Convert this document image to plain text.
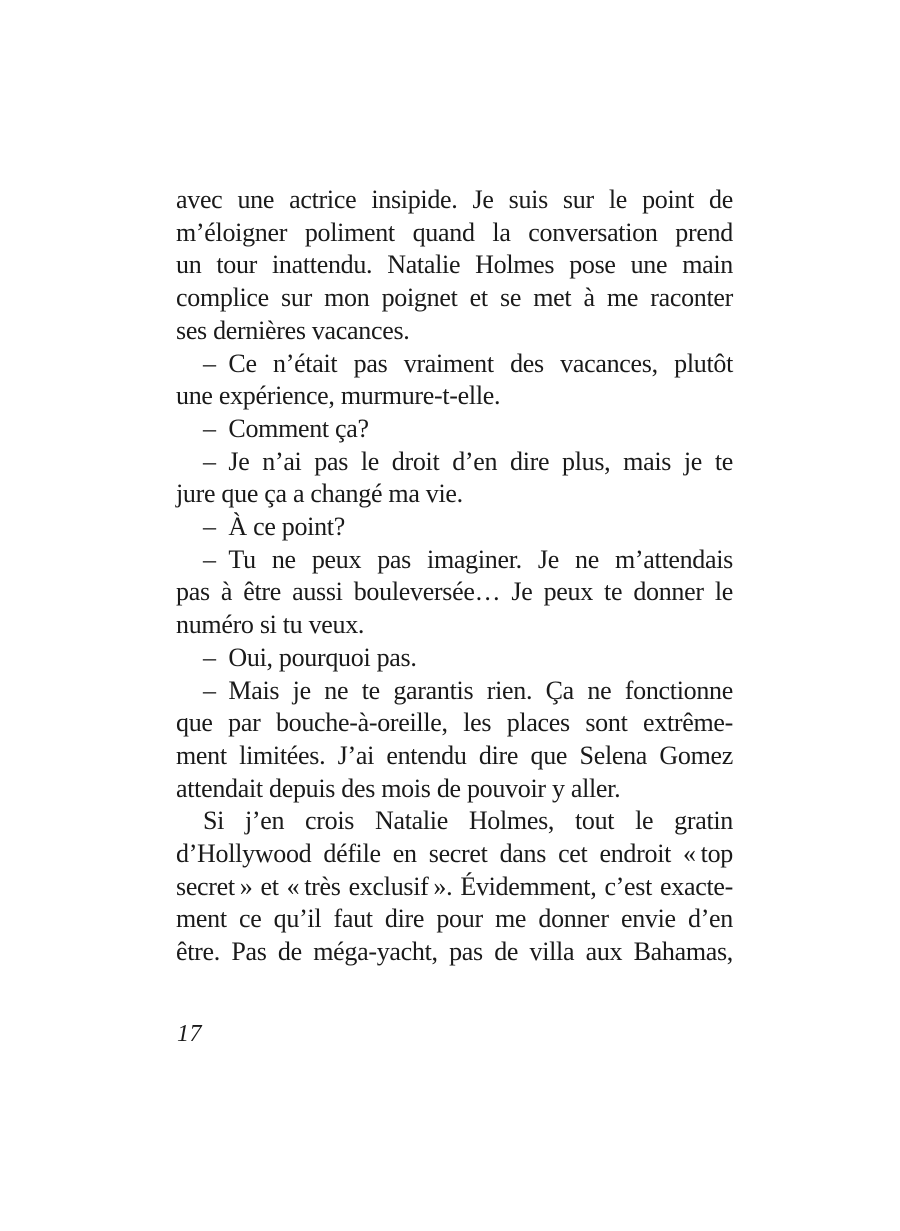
avec une actrice insipide. Je suis sur le point de
m’éloigner poliment quand la conversation prend
un tour inattendu. Natalie Holmes pose une main
complice sur mon poignet et se met à me raconter
ses dernières vacances.
– Ce n’était pas vraiment des vacances, plutôt
une expérience, murmure-t-elle.
– Comment ça?
– Je n’ai pas le droit d’en dire plus, mais je te
jure que ça a changé ma vie.
– À ce point?
– Tu ne peux pas imaginer. Je ne m’attendais
pas à être aussi bouleversée… Je peux te donner le
numéro si tu veux.
– Oui, pourquoi pas.
– Mais je ne te garantis rien. Ça ne fonctionne
que par bouche-à-oreille, les places sont extrême-
ment limitées. J’ai entendu dire que Selena Gomez
attendait depuis des mois de pouvoir y aller.
Si j’en crois Natalie Holmes, tout le gratin
d’Hollywood défile en secret dans cet endroit « top
secret » et « très exclusif ». Évidemment, c’est exacte-
ment ce qu’il faut dire pour me donner envie d’en
être. Pas de méga-yacht, pas de villa aux Bahamas,
17
